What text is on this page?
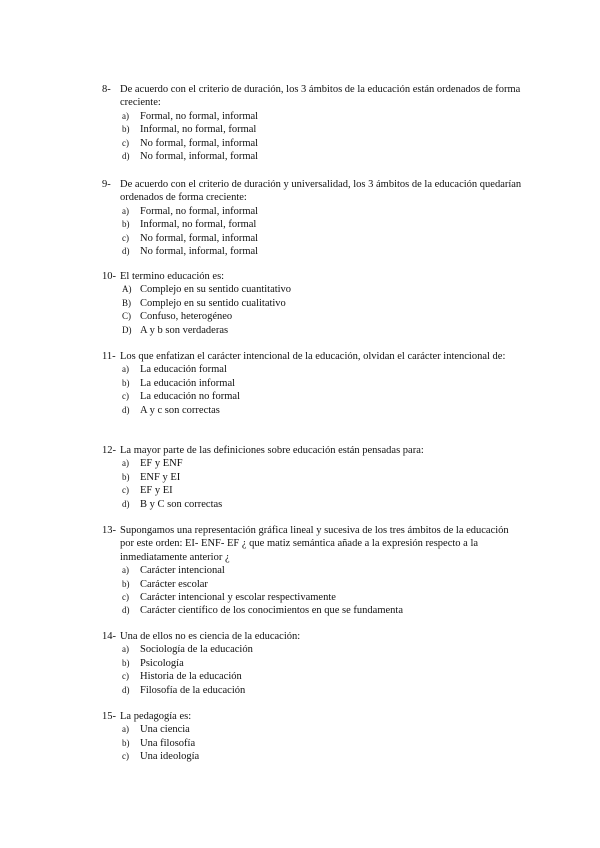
8- De acuerdo con el criterio de duración, los 3 ámbitos de la educación están ordenados de forma creciente:
a)	Formal, no formal, informal
b)	Informal, no formal, formal
c)	No formal, formal, informal
d)	No formal, informal, formal
9- De acuerdo con el criterio de duración y universalidad, los 3 ámbitos de la educación quedarían ordenados de forma creciente:
a)	Formal, no formal, informal
b)	Informal, no formal, formal
c)	No formal, formal, informal
d)	No formal, informal, formal
10- El termino educación es:
A) Complejo en su sentido cuantitativo
B) Complejo en su sentido cualitativo
C) Confuso, heterogéneo
D) A y b son verdaderas
11- Los que enfatizan el carácter intencional de la educación, olvidan el carácter intencional de:
a)	La educación formal
b)	La educación informal
c)	La educación no formal
d)	A y c son correctas
12- La mayor parte de las definiciones sobre educación están pensadas para:
a)	EF y ENF
b)	ENF y EI
c)	EF y EI
d)	B y C son correctas
13- Supongamos una representación gráfica lineal y sucesiva de los tres ámbitos de la educación por este orden: EI- ENF- EF ¿ que matiz semántica añade a la expresión respecto a la inmediatamente anterior ¿
a)	Carácter intencional
b)	Carácter escolar
c)	Carácter intencional y escolar respectivamente
d)	Carácter científico de los conocimientos en que se fundamenta
14- Una de ellos no es ciencia de la educación:
a)	Sociología de la educación
b)	Psicología
c)	Historia de la educación
d)	Filosofía de la educación
15- La pedagogía es:
a)	Una ciencia
b)	Una filosofía
c)	Una ideología
